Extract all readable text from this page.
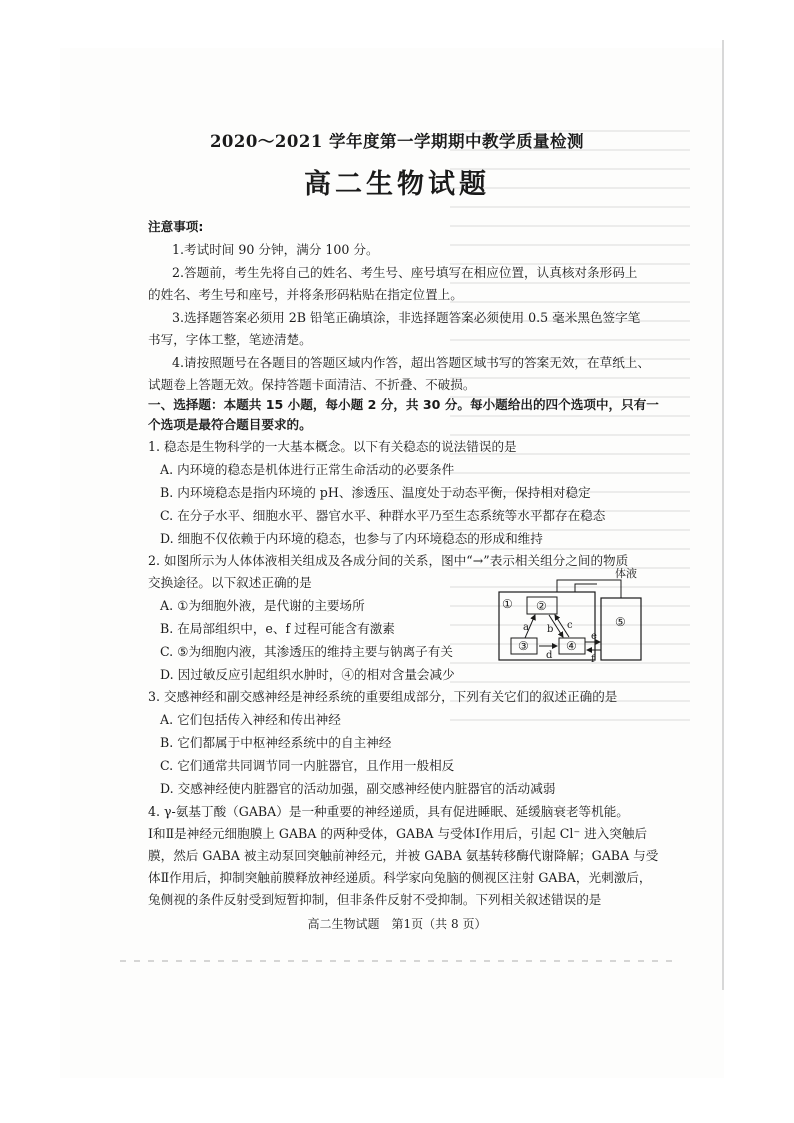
2020～2021 学年度第一学期期中教学质量检测
高二生物试题
注意事项:
1.考试时间 90 分钟，满分 100 分。
2.答题前，考生先将自己的姓名、考生号、座号填写在相应位置，认真核对条形码上
的姓名、考生号和座号，并将条形码粘贴在指定位置上。
3.选择题答案必须用 2B 铅笔正确填涂，非选择题答案必须使用 0.5 毫米黑色签字笔
书写，字体工整，笔迹清楚。
4.请按照题号在各题目的答题区域内作答，超出答题区域书写的答案无效，在草纸上、
试题卷上答题无效。保持答题卡面清洁、不折叠、不破损。
一、选择题：本题共 15 小题，每小题 2 分，共 30 分。每小题给出的四个选项中，只有一
个选项是最符合题目要求的。
1. 稳态是生物科学的一大基本概念。以下有关稳态的说法错误的是
A. 内环境的稳态是机体进行正常生命活动的必要条件
B. 内环境稳态是指内环境的 pH、渗透压、温度处于动态平衡，保持相对稳定
C. 在分子水平、细胞水平、器官水平、种群水平乃至生态系统等水平都存在稳态
D. 细胞不仅依赖于内环境的稳态，也参与了内环境稳态的形成和维持
2. 如图所示为人体体液相关组成及各成分间的关系，图中“→”表示相关组分之间的物质
交换途径。以下叙述正确的是
A. ①为细胞外液，是代谢的主要场所
B. 在局部组织中，e、f 过程可能含有激素
C. ⑤为细胞内液，其渗透压的维持主要与钠离子有关
D. 因过敏反应引起组织水肿时，④的相对含量会减少
体液
① ②
③	④
⑤
a b c
d
e
f
3. 交感神经和副交感神经是神经系统的重要组成部分，下列有关它们的叙述正确的是
A. 它们包括传入神经和传出神经
B. 它们都属于中枢神经系统中的自主神经
C. 它们通常共同调节同一内脏器官，且作用一般相反
D. 交感神经使内脏器官的活动加强，副交感神经使内脏器官的活动减弱
4. γ-氨基丁酸（GABA）是一种重要的神经递质，具有促进睡眠、延缓脑衰老等机能。
Ⅰ和Ⅱ是神经元细胞膜上 GABA 的两种受体，GABA 与受体Ⅰ作用后，引起 Cl⁻ 进入突触后
膜，然后 GABA 被主动泵回突触前神经元，并被 GABA 氨基转移酶代谢降解；GABA 与受
体Ⅱ作用后，抑制突触前膜释放神经递质。科学家向兔脑的侧视区注射 GABA，光刺激后，
兔侧视的条件反射受到短暂抑制，但非条件反射不受抑制。下列相关叙述错误的是
高二生物试题　第1页（共 8 页）
